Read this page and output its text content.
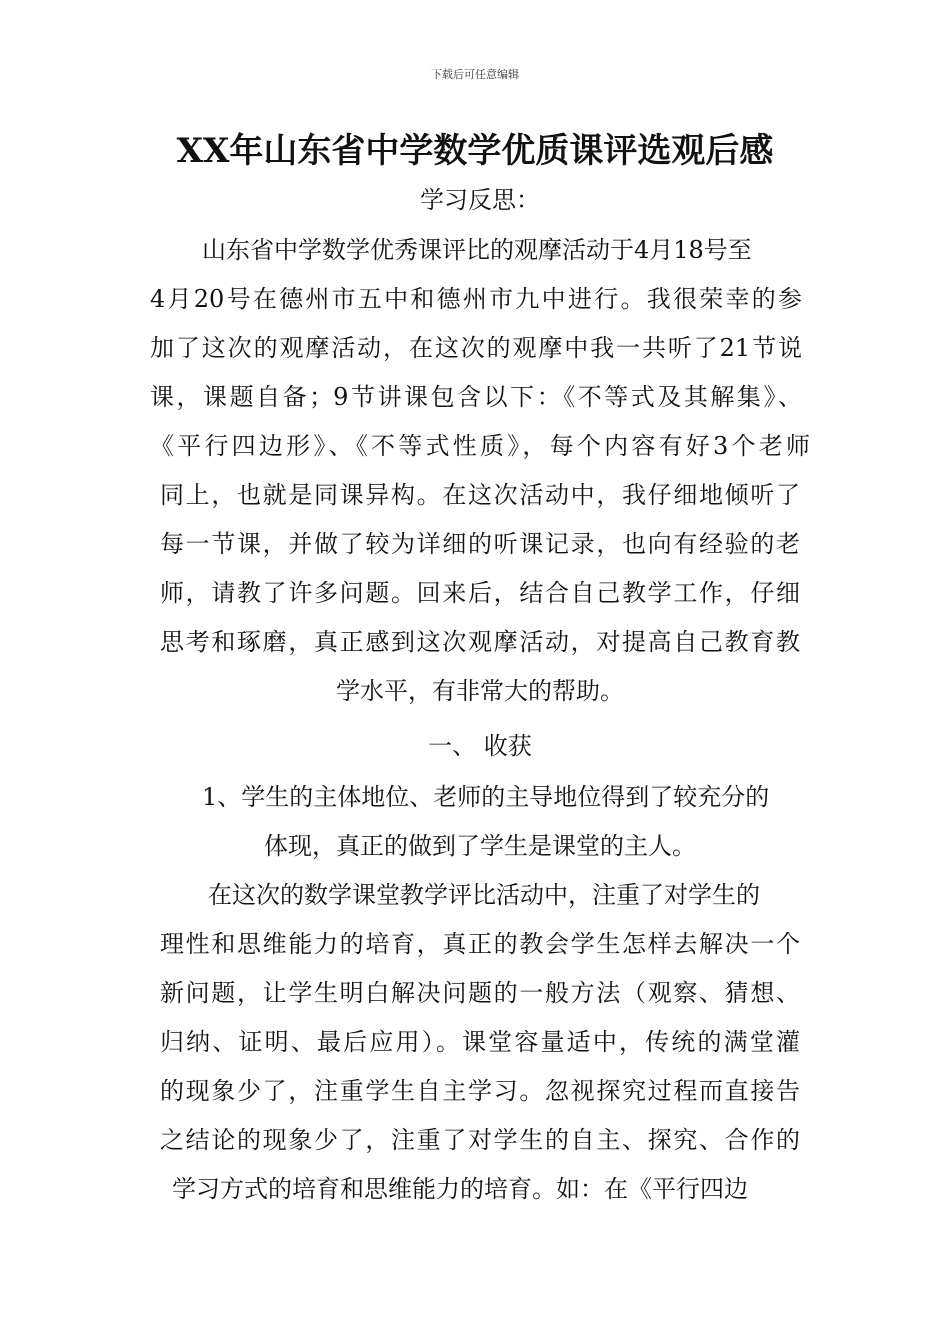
下载后可任意编辑
XX年山东省中学数学优质课评选观后感
学习反思：
山东省中学数学优秀课评比的观摩活动于4月18号至
4月20号在德州市五中和德州市九中进行。我很荣幸的参
加了这次的观摩活动，在这次的观摩中我一共听了21节说
课，课题自备；9节讲课包含以下：《不等式及其解集》、
《平行四边形》、《不等式性质》，每个内容有好3个老师
同上，也就是同课异构。在这次活动中，我仔细地倾听了
每一节课，并做了较为详细的听课记录，也向有经验的老
师，请教了许多问题。回来后，结合自己教学工作，仔细
思考和琢磨，真正感到这次观摩活动，对提高自己教育教
学水平，有非常大的帮助。
一、 收获
1、学生的主体地位、老师的主导地位得到了较充分的
体现，真正的做到了学生是课堂的主人。
在这次的数学课堂教学评比活动中，注重了对学生的
理性和思维能力的培育，真正的教会学生怎样去解决一个
新问题，让学生明白解决问题的一般方法（观察、猜想、
归纳、证明、最后应用）。课堂容量适中，传统的满堂灌
的现象少了，注重学生自主学习。忽视探究过程而直接告
之结论的现象少了，注重了对学生的自主、探究、合作的
学习方式的培育和思维能力的培育。如：在《平行四边
